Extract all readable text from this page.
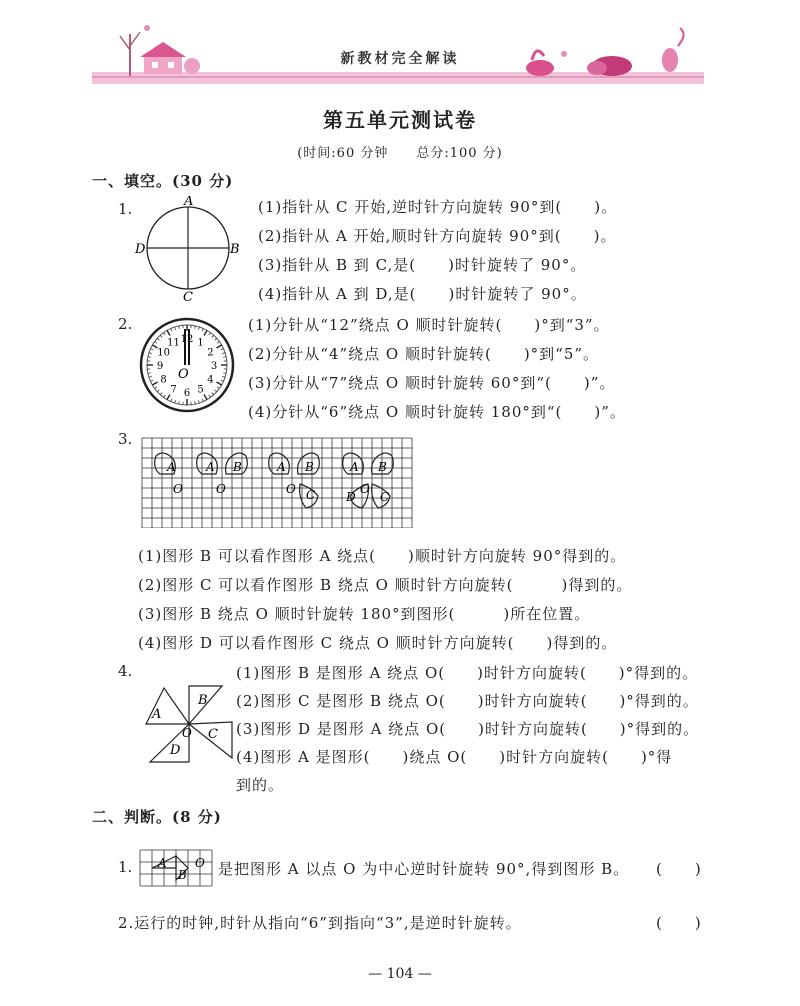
新教材完全解读
第五单元测试卷
(时间:60 分钟　　总分:100 分)
一、填空。(30 分)
1.	A
D	B
C
(1)指针从 C 开始,逆时针方向旋转 90°到(　　)。
(2)指针从 A 开始,顺时针方向旋转 90°到(　　)。
(3)指针从 B 到 C,是(　　)时针旋转了 90°。
(4)指针从 A 到 D,是(　　)时针旋转了 90°。
2.
12 1
2
3
4
5
6
7
8
9
10
11
O
(1)分针从“12”绕点 O 顺时针旋转(　　)°到“3”。
(2)分针从“4”绕点 O 顺时针旋转(　　)°到“5”。
(3)分针从“7”绕点 O 顺时针旋转 60°到“(　　)”。
(4)分针从“6”绕点 O 顺时针旋转 180°到“(　　)”。
3.
A
O
A B
O
A B
O C
A B
O
C
D
(1)图形 B 可以看作图形 A 绕点(　　)顺时针方向旋转 90°得到的。
(2)图形 C 可以看作图形 B 绕点 O 顺时针方向旋转(　　　)得到的。
(3)图形 B 绕点 O 顺时针旋转 180°到图形(　　　)所在位置。
(4)图形 D 可以看作图形 C 绕点 O 顺时针方向旋转(　　)得到的。
4.
A
B
C
D
O
(1)图形 B 是图形 A 绕点 O(　　)时针方向旋转(　　)°得到的。
(2)图形 C 是图形 B 绕点 O(　　)时针方向旋转(　　)°得到的。
(3)图形 D 是图形 A 绕点 O(　　)时针方向旋转(　　)°得到的。
(4)图形 A 是图形(　　)绕点 O(　　)时针方向旋转(　　)°得
到的。
二、判断。(8 分)
1. A
B
O 是把图形 A 以点 O 为中心逆时针旋转 90°,得到图形 B。 (　　)
2.运行的时钟,时针从指向“6”到指向“3”,是逆时针旋转。	(　　)
— 104 —
